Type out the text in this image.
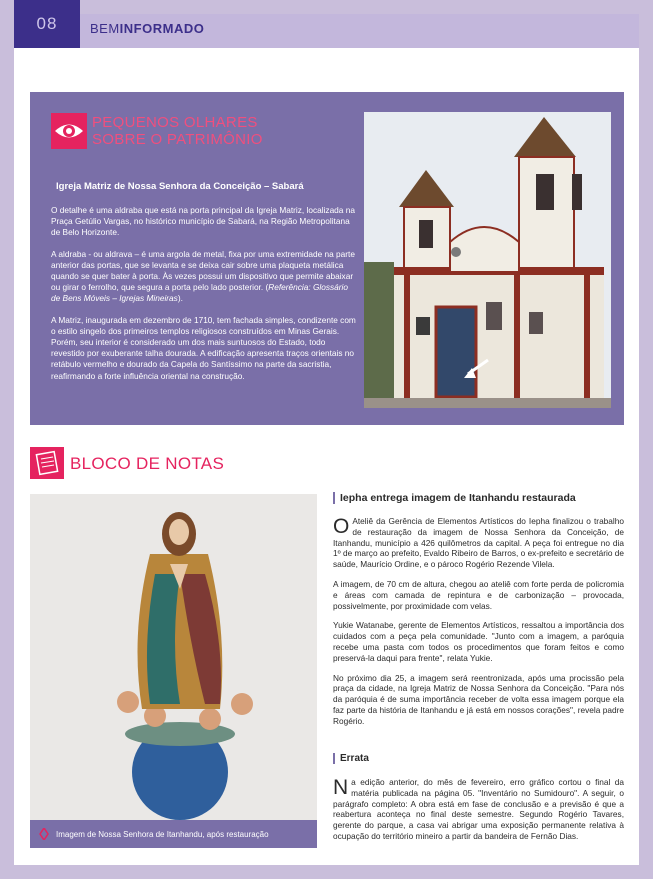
08	BEMINFORMADO
PEQUENOS OLHARES
SOBRE O PATRIMÔNIO
Igreja Matriz de Nossa Senhora da Conceição – Sabará

O detalhe é uma aldraba que está na porta principal da Igreja Matriz, localizada na Praça Getúlio Vargas, no histórico município de Sabará, na Região Metropolitana de Belo Horizonte.

A aldraba - ou aldrava – é uma argola de metal, fixa por uma extremidade na parte anterior das portas, que se levanta e se deixa cair sobre uma plaqueta metálica quando se quer bater à porta. Às vezes possui um dispositivo que permite abaixar ou girar o ferrolho, que segura a porta pelo lado posterior. (Referência: Glossário de Bens Móveis – Igrejas Mineiras).

A Matriz, inaugurada em dezembro de 1710, tem fachada simples, condizente com o estilo singelo dos primeiros templos religiosos construídos em Minas Gerais. Porém, seu interior é considerado um dos mais suntuosos do Estado, todo revestido por exuberante talha dourada. A edificação apresenta traços orientais no retábulo vermelho e dourado da Capela do Santíssimo na parte da sacristia, reafirmando a forte influência oriental na construção.

BLOCO DE NOTAS
Imagem de Nossa Senhora de Itanhandu, após restauração
Iepha entrega imagem de Itanhandu restaurada

O Ateliê da Gerência de Elementos Artísticos do Iepha finalizou o trabalho de restauração da imagem de Nossa Senhora da Conceição, de Itanhandu, município a 426 quilômetros da capital. A peça foi entregue no dia 1º de março ao prefeito, Evaldo Ribeiro de Barros, o ex-prefeito e secretário de saúde, Maurício Ordine, e o pároco Rogério Rezende Vilela.

A imagem, de 70 cm de altura, chegou ao ateliê com forte perda de policromia e áreas com camada de repintura e de carbonização – provocada, possivelmente, por proximidade com velas.

Yukie Watanabe, gerente de Elementos Artísticos, ressaltou a importância dos cuidados com a peça pela comunidade. "Junto com a imagem, a paróquia recebe uma pasta com todos os procedimentos que foram feitos e como preservá-la daqui para frente", relata Yukie.

No próximo dia 25, a imagem será reentronizada, após uma procissão pela praça da cidade, na Igreja Matriz de Nossa Senhora da Conceição. "Para nós da paróquia é de suma importância receber de volta essa imagem porque ela faz parte da história de Itanhandu e já está em nossos corações", revela padre Rogério.

Errata

Na edição anterior, do mês de fevereiro, erro gráfico cortou o final da matéria publicada na página 05. "Inventário no Sumidouro". A seguir, o parágrafo completo: A obra está em fase de conclusão e a previsão é que a reabertura aconteça no final deste semestre. Segundo Rogério Tavares, gerente do parque, a casa vai abrigar uma exposição permanente relativa à ocupação do território mineiro a partir da bandeira de Fernão Dias.
